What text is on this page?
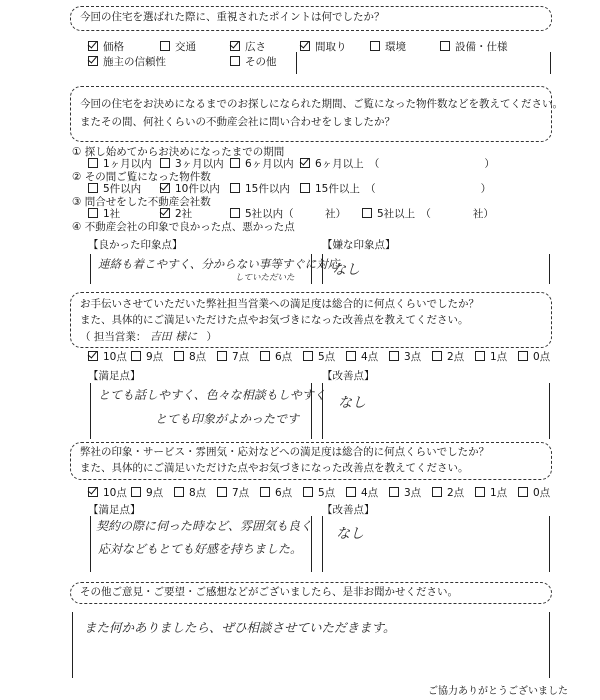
今回の住宅を選ばれた際に、重視されたポイントは何でしたか？
価格	交通	広さ	間取り	環境	設備・仕様
施主の信頼性	その他
今回の住宅をお決めになるまでのお探しになられた期間、ご覧になった物件数などを教えてください。
またその間、何社くらいの不動産会社に問い合わせをしましたか？
① 探し始めてからお決めになったまでの期間
1ヶ月以内	3ヶ月以内	6ヶ月以内	6ヶ月以上　（　　　　　　　　　　）
② その間ご覧になった物件数
5件以内	10件以内	15件以内	15件以上　（　　　　　　　　　　）
③ 問合せをした不動産会社数
1社	2社	5社以内（　　　社）	5社以上　（　　　　社）
④ 不動産会社の印象で良かった点、悪かった点
【良かった印象点】	【嫌な印象点】
連絡も着こやすく、分からない事等すぐに対応
していただいた	なし
お手伝いさせていただいた弊社担当営業への満足度は総合的に何点くらいでしたか？
また、具体的にご満足いただけた点やお気づきになった改善点を教えてください。
（ 担当営業： 吉田 様に ）
10点	9点	8点	7点	6点	5点	4点	3点	2点	1点	0点
【満足点】	【改善点】
とても話しやすく、色々な相談もしやすく
とても印象がよかったです
なし
弊社の印象・サービス・雰囲気・応対などへの満足度は総合的に何点くらいでしたか？
また、具体的にご満足いただけた点やお気づきになった改善点を教えてください。
10点	9点	8点	7点	6点	5点	4点	3点	2点	1点	0点
【満足点】	【改善点】
契約の際に伺った時など、雰囲気も良く
応対などもとても好感を持ちました。
なし
その他ご意見・ご要望・ご感想などがございましたら、是非お聞かせください。
また何かありましたら、ぜひ相談させていただきます。
ご協力ありがとうございました
